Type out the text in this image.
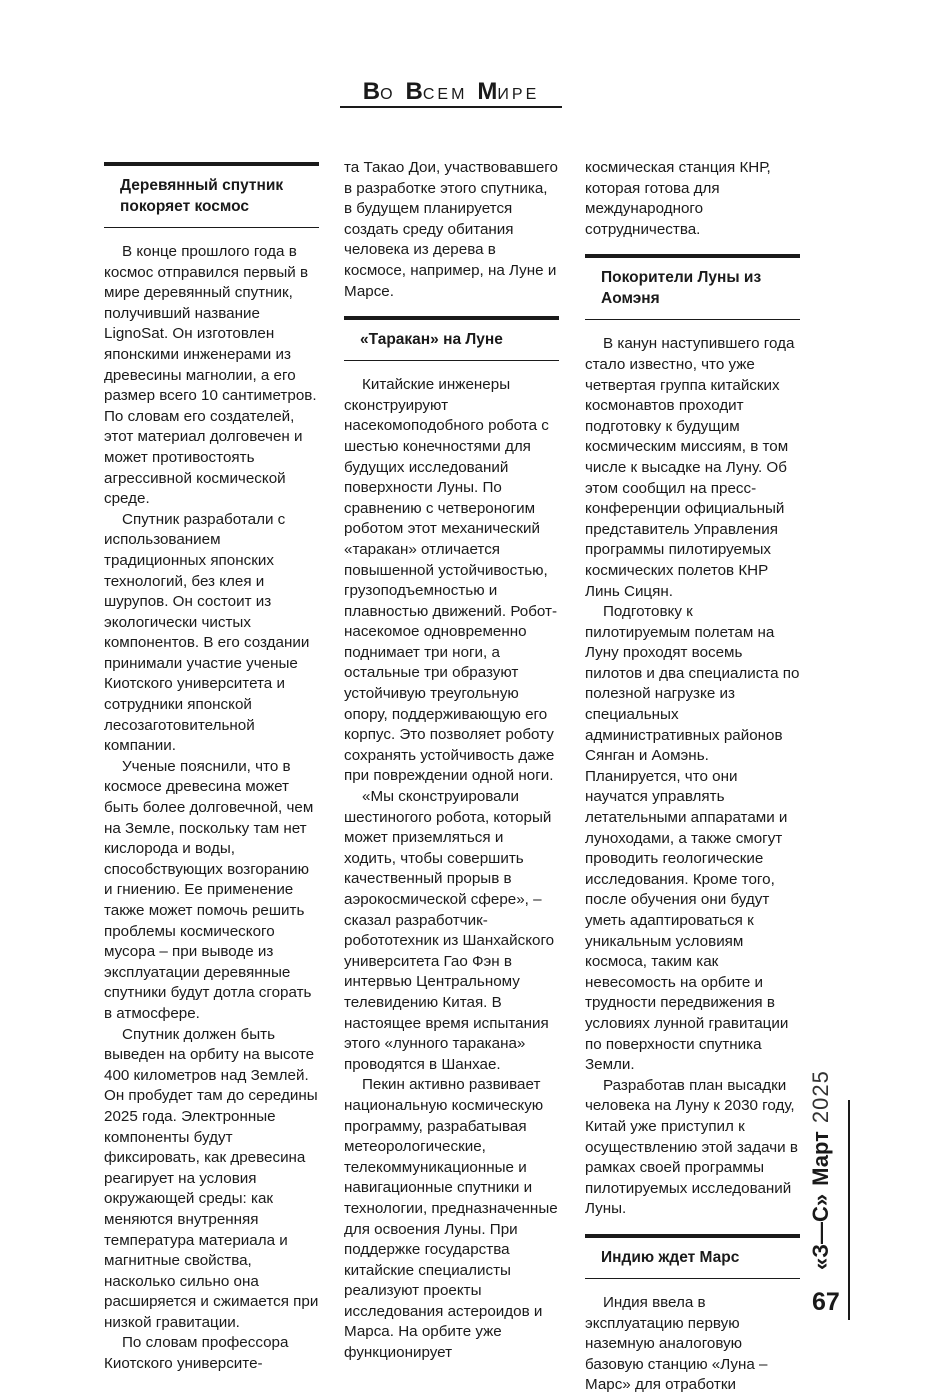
ВО ВСЕМ МИРЕ
Деревянный спутник покоряет космос

В конце прошлого года в космос отправился первый в мире деревянный спутник, получивший название LignoSat. Он изготовлен японскими инженерами из древесины магнолии, а его размер всего 10 сантиметров. По словам его создателей, этот материал долговечен и может противостоять агрессивной космической среде.

Спутник разработали с использованием традиционных японских технологий, без клея и шурупов. Он состоит из экологически чистых компонентов. В его создании принимали участие ученые Киотского университета и сотрудники японской лесозаготовительной компании.

Ученые пояснили, что в космосе древесина может быть более долговечной, чем на Земле, поскольку там нет кислорода и воды, способствующих возгоранию и гниению. Ее применение также может помочь решить проблемы космического мусора – при выводе из эксплуатации деревянные спутники будут дотла сгорать в атмосфере.

Спутник должен быть выведен на орбиту на высоте 400 километров над Землей. Он пробудет там до середины 2025 года. Электронные компоненты будут фиксировать, как древесина реагирует на условия окружающей среды: как меняются внутренняя температура материала и магнитные свойства, насколько сильно она расширяется и сжимается при низкой гравитации.

По словам профессора Киотского университе-

та Такао Дои, участвовавшего в разработке этого спутника, в будущем планируется создать среду обитания человека из дерева в космосе, например, на Луне и Марсе.

«Таракан» на Луне

Китайские инженеры сконструируют насекомоподобного робота с шестью конечностями для будущих исследований поверхности Луны. По сравнению с четвероногим роботом этот механический «таракан» отличается повышенной устойчивостью, грузоподъемностью и плавностью движений. Робот-насекомое одновременно поднимает три ноги, а остальные три образуют устойчивую треугольную опору, поддерживающую его корпус. Это позволяет роботу сохранять устойчивость даже при повреждении одной ноги.

«Мы сконструировали шестиногого робота, который может приземляться и ходить, чтобы совершить качественный прорыв в аэрокосмической сфере», – сказал разработчик-робототехник из Шанхайского университета Гао Фэн в интервью Центральному телевидению Китая. В настоящее время испытания этого «лунного таракана» проводятся в Шанхае.

Пекин активно развивает национальную космическую программу, разрабатывая метеорологические, телекоммуникационные и навигационные спутники и технологии, предназначенные для освоения Луны. При поддержке государства китайские специалисты реализуют проекты исследования астероидов и Марса. На орбите уже функционирует

космическая станция КНР, которая готова для международного сотрудничества.

Покорители Луны из Аомэня

В канун наступившего года стало известно, что уже четвертая группа китайских космонавтов проходит подготовку к будущим космическим миссиям, в том числе к высадке на Луну. Об этом сообщил на пресс-конференции официальный представитель Управления программы пилотируемых космических полетов КНР Линь Сицян.

Подготовку к пилотируемым полетам на Луну проходят восемь пилотов и два специалиста по полезной нагрузке из специальных административных районов Сянган и Аомэнь. Планируется, что они научатся управлять летательными аппаратами и луноходами, а также смогут проводить геологические исследования. Кроме того, после обучения они будут уметь адаптироваться к уникальным условиям космоса, таким как невесомость на орбите и трудности передвижения в условиях лунной гравитации по поверхности спутника Земли.

Разработав план высадки человека на Луну к 2030 году, Китай уже приступил к осуществлению этой задачи в рамках своей программы пилотируемых исследований Луны.

Индию ждет Марс

Индия ввела в эксплуатацию первую наземную аналоговую базовую станцию «Луна – Марс» для отработки

«З—С»Март2025
67
